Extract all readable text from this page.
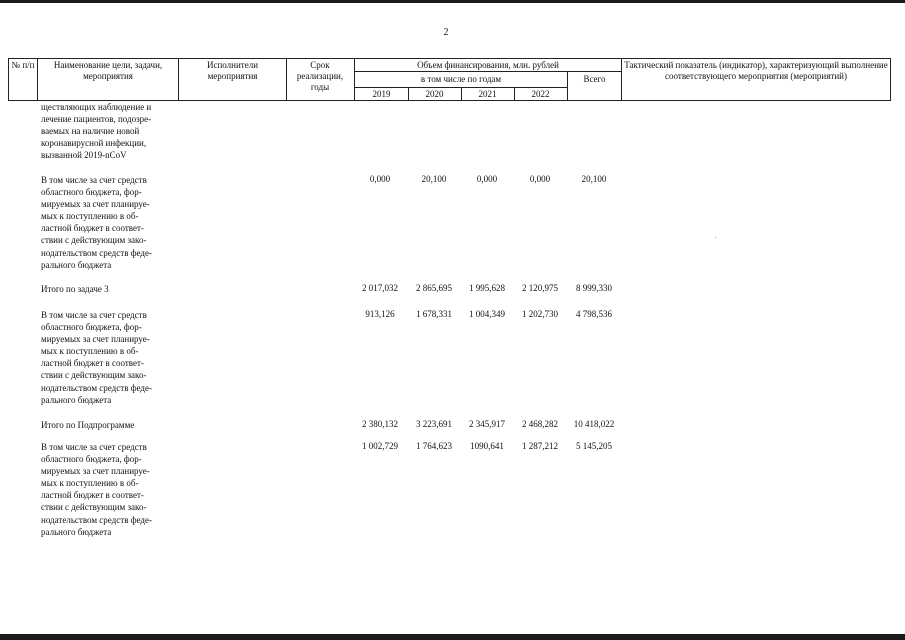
2
№ п/п	Наименование цели, задачи, мероприятия
Исполнители мероприятия
Срок реализации, годы
Объем финансирования, млн. рублей
в том числе по годам	Всего
Тактический показатель (индикатор), характеризующий выполнение соответствующего мероприятия (мероприятий)
2019	2020	2021	2022
ществляющих наблюдение и
лечение пациентов, подозре-
ваемых на наличие новой
коронавирусной инфекции,
вызванной 2019-nCoV
В том числе за счет средств
областного бюджета, фор-
мируемых за счет планируе-
мых к поступлению в об-
ластной бюджет в соответ-
ствии с действующим зако-
нодательством средств феде-
рального бюджета
0,000	20,100	0,000	0,000	20,100
Итого по задаче 3	2 017,032	2 865,695	1 995,628	2 120,975	8 999,330
В том числе за счет средств
областного бюджета, фор-
мируемых за счет планируе-
мых к поступлению в об-
ластной бюджет в соответ-
ствии с действующим зако-
нодательством средств феде-
рального бюджета
913,126	1 678,331	1 004,349	1 202,730	4 798,536
Итого по Подпрограмме	2 380,132	3 223,691	2 345,917	2 468,282	10 418,022
В том числе за счет средств
областного бюджета, фор-
мируемых за счет планируе-
мых к поступлению в об-
ластной бюджет в соответ-
ствии с действующим зако-
нодательством средств феде-
рального бюджета
1 002,729	1 764,623	1090,641	1 287,212	5 145,205
